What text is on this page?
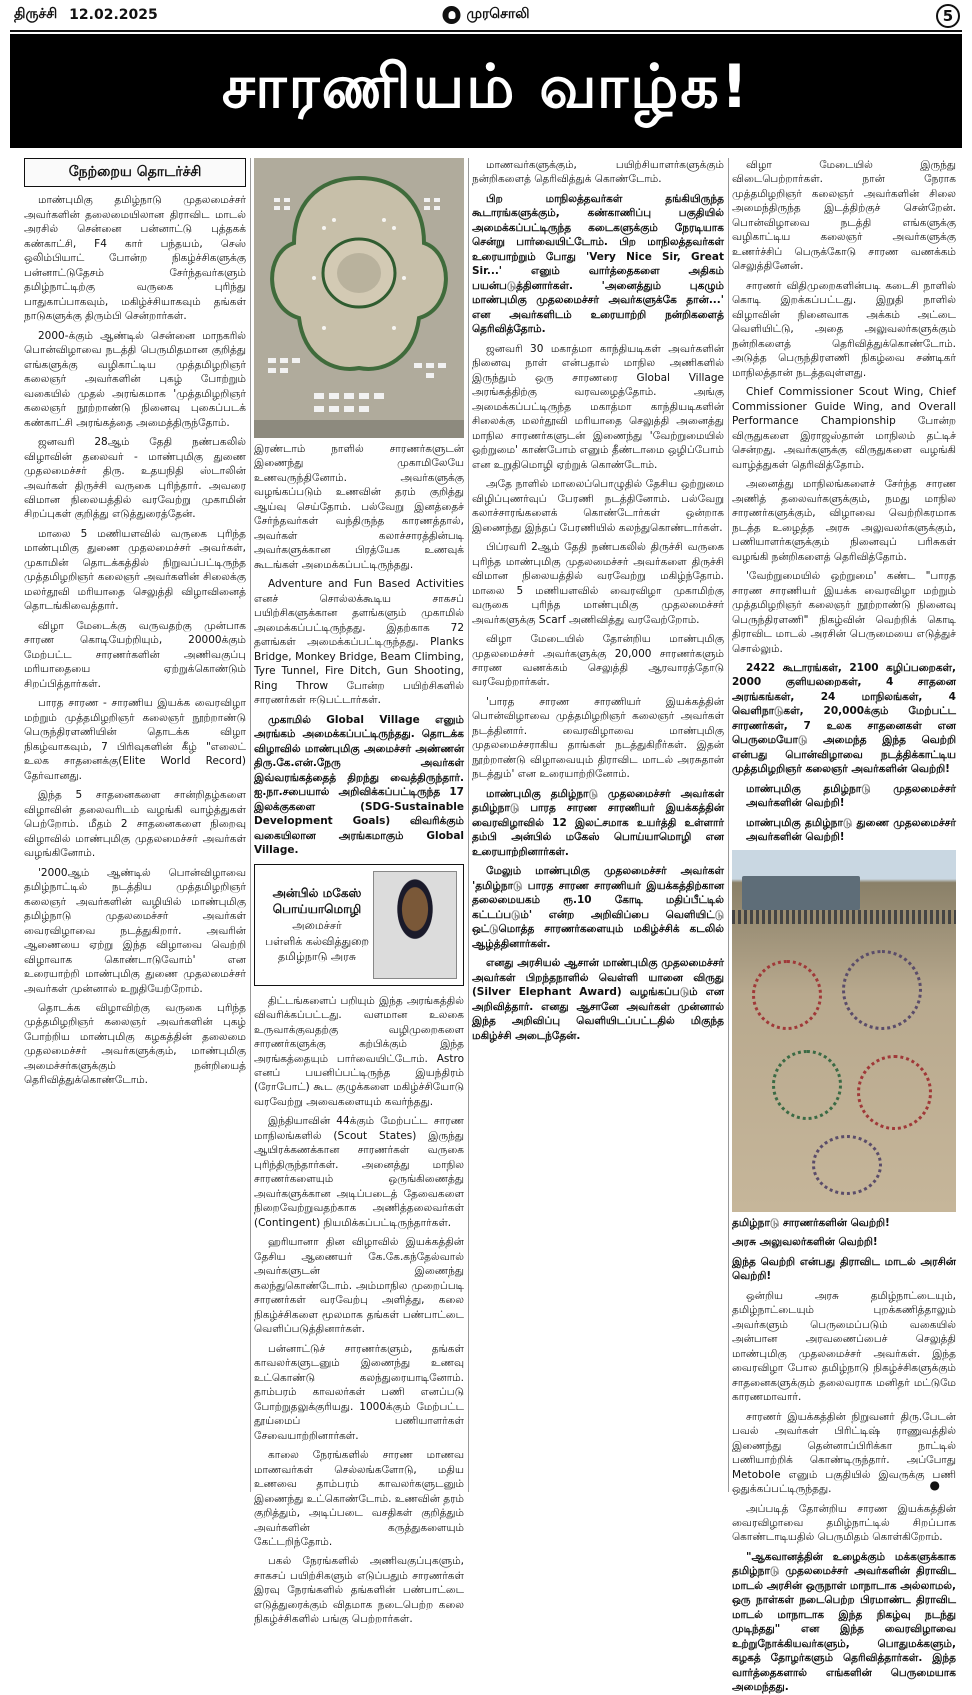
திருச்சி 12.02.2025	முரசொலி	5
சாரணியம் வாழ்க!
நேற்றைய தொடர்ச்சி

மாண்புமிகு தமிழ்நாடு முதலமைச்சர் அவர்களின் தலைமையிலான திராவிட மாடல் அரசில் சென்னை பன்னாட்டு புத்தகக் கண்காட்சி, F4 கார் பந்தயம், செஸ் ஒலிம்பியாட் போன்ற நிகழ்ச்சிகளுக்கு பன்னாட்டுதேசம் சேர்ந்தவர்களும் தமிழ்நாட்டிற்கு வருகை புரிந்து பாதுகாப்பாகவும், மகிழ்ச்சியாகவும் தங்கள் நாடுகளுக்கு திரும்பி சென்றார்கள்.

2000-க்கும் ஆண்டில் சென்னை மாநகரில் பொன்விழாவை நடத்தி பெருமிதமான குறித்து எங்களுக்கு வழிகாட்டிய முத்தமிழறிஞர் கலைஞர் அவர்களின் புகழ் போற்றும் வகையில் முதல் அரங்கமாக 'முத்தமிழறிஞர் கலைஞர் நூற்றாண்டு நினைவு புகைப்படக் கண்காட்சி அரங்கத்தை அமைத்திருந்தோம்.

ஜனவரி 28ஆம் தேதி நண்பகலில் விழாவின் தலைவர் - மாண்புமிகு துணை முதலமைச்சர் திரு. உதயநிதி ஸ்டாலின் அவர்கள் திருச்சி வருகை புரிந்தார். அவரை விமான நிலையத்தில் வரவேற்று முகாமின் சிறப்புகள் குறித்து எடுத்துரைத்தேன்.

மாலை 5 மணியளவில் வருகை புரிந்த மாண்புமிகு துணை முதலமைச்சர் அவர்கள், முகாமின் தொடக்கத்தில் நிறுவப்பட்டிருந்த முத்தமிழறிஞர் கலைஞர் அவர்களின் சிலைக்கு மலர்தூவி மரியாதை செலுத்தி விழாவினைத் தொடங்கிவைத்தார்.

விழா மேடைக்கு வருவதற்கு முன்பாக சாரண கொடியேற்றியும், 20000க்கும் மேற்பட்ட சாரணர்களின் அணிவகுப்பு மரியாதையை ஏற்றுக்கொண்டும் சிறப்பித்தார்கள்.

பாரத சாரண - சாரணிய இயக்க வைரவிழா மற்றும் முத்தமிழறிஞர் கலைஞர் நூற்றாண்டு பெருந்திரளணியின் தொடக்க விழா நிகழ்வாகவும், 7 பிரிவுகளின் கீழ் "எலைட் உலக சாதனைக்கு(Elite World Record) தேர்வானது.

இந்த 5 சாதனைகளை சான்றிதழ்களை விழாவின் தலைவரிடம் வழங்கி வாழ்த்துகள் பெற்றோம். மீதம் 2 சாதனைகளை நிறைவு விழாவில் மாண்புமிகு முதலமைச்சர் அவர்கள் வழங்கினோம்.

'2000ஆம் ஆண்டில் பொன்விழாவை தமிழ்நாட்டில் நடத்திய முத்தமிழறிஞர் கலைஞர் அவர்களின் வழியில் மாண்புமிகு தமிழ்நாடு முதலமைச்சர் அவர்கள் வைரவிழாவை நடத்துகிறார். அவரின் ஆணையை ஏற்று இந்த விழாவை வெற்றி விழாவாக கொண்டாடுவோம்' என உரையாற்றி மாண்புமிகு துணை முதலமைச்சர் அவர்கள் முன்னால் உறுதியேற்றோம்.

தொடக்க விழாவிற்கு வருகை புரிந்த முத்தமிழறிஞர் கலைஞர் அவர்களின் புகழ் போற்றிய மாண்புமிகு கழகத்தின் தலைமை முதலமைச்சர் அவர்களுக்கும், மாண்புமிகு அமைச்சர்களுக்கும் நன்றியைத் தெரிவித்துக்கொண்டோம்.

இரண்டாம் நாளில் சாரணர்களுடன் இணைந்து முகாமிலேயே உணவருந்தினோம். அவர்களுக்கு வழங்கப்படும் உணவின் தரம் குறித்து ஆய்வு செய்தோம். பல்வேறு இனத்தைச் சேர்ந்தவர்கள் வந்திருந்த காரணத்தால், அவர்கள் கலாச்சாரத்தின்படி அவர்களுக்கான பிரத்யேக உணவுக் கூடங்கள் அமைக்கப்பட்டிருந்தது.

Adventure and Fun Based Activities எனச் சொல்லக்கூடிய சாகசப் பயிற்சிகளுக்கான தளங்களும் முகாமில் அமைக்கப்பட்டிருந்தது. இதற்காக 72 தளங்கள் அமைக்கப்பட்டிருந்தது. Planks Bridge, Monkey Bridge, Beam Climbing, Tyre Tunnel, Fire Ditch, Gun Shooting, Ring Throw போன்ற பயிற்சிகளில் சாரணர்கள் ஈடுபட்டார்கள்.

முகாமில் Global Village எனும் அரங்கம் அமைக்கப்பட்டிருந்தது. தொடக்க விழாவில் மாண்புமிகு அமைச்சர் அண்ணன் திரு.கே.என்.நேரு அவர்கள் இவ்வரங்கத்தைத் திறந்து வைத்திருந்தார். ஐ.நா.சபையால் அறிவிக்கப்பட்டிருந்த 17 இலக்குகளை (SDG-Sustainable Development Goals) விவரிக்கும் வகையிலான அரங்கமாகும் Global Village.

அன்பில் மகேஸ் பொய்யாமொழி
அமைச்சர்
பள்ளிக் கல்வித்துறை
தமிழ்நாடு அரசு

திட்டங்களைப் பறியும் இந்த அரங்கத்தில் விவரிக்கப்பட்டது. வளமான உலகை உருவாக்குவதற்கு வழிமுறைகளை சாரணர்களுக்கு கற்பிக்கும் இந்த அரங்கத்தையும் பார்வையிட்டோம். Astro எனப் பயனிப்பட்டிருந்த இயந்திரம் (ரோபோட்) கூட குழுக்களை மகிழ்ச்சியோடு வரவேற்று அவைகளையும் கவர்ந்தது.

இந்தியாவின் 44க்கும் மேற்பட்ட சாரண மாநிலங்களில் (Scout States) இருந்து ஆயிரக்கணக்கான சாரணர்கள் வருகை புரிந்திருந்தார்கள். அனைத்து மாநில சாரணர்களையும் ஒருங்கிணைத்து அவர்களுக்கான அடிப்படைத் தேவைகளை நிறைவேற்றுவதற்காக அணித்தலைவர்கள் (Contingent) நியமிக்கப்பட்டிருந்தார்கள்.

ஹரியானா தின விழாவில் இயக்கத்தின் தேசிய ஆணையர் கே.கே.கந்தேல்வால் அவர்களுடன் இணைந்து கலந்துகொண்டோம். அம்மாநில முறைப்படி சாரணர்கள் வரவேற்பு அளித்து, கலை நிகழ்ச்சிகளை மூலமாக தங்கள் பண்பாட்டை வெளிப்படுத்தினார்கள்.

பன்னாட்டுச் சாரணர்களும், தங்கள் காவலர்களுடனும் இணைந்து உணவு உட்கொண்டு கலந்துரையாடினோம். தாம்பரம் காவலர்கள் பணி எனப்படு போற்றுதலுக்குரியது. 1000க்கும் மேற்பட்ட தூய்மைப் பணியாளர்கள் சேவையாற்றினார்கள்.

காலை நேரங்களில் சாரண மாணவ மாணவர்கள் செல்லங்களோடு, மதிய உணவை தாம்பரம் காவலர்களுடனும் இணைந்து உட்கொண்டோம். உணவின் தரம் குறித்தும், அடிப்படை வசதிகள் குறித்தும் அவர்களின் கருத்துகளையும் கேட்டறிந்தோம்.

பகல் நேரங்களில் அணிவகுப்புகளும், சாகசப் பயிற்சிகளும் எடுப்பதும் சாரணர்கள் இரவு நேரங்களில் தங்களின் பண்பாட்டை எடுத்துரைக்கும் விதமாக நடைபெற்ற கலை நிகழ்ச்சிகளில் பங்கு பெற்றார்கள்.

மாணவர்களுக்கும், பயிற்சியாளர்களுக்கும் நன்றிகளைத் தெரிவித்துக் கொண்டோம்.

பிற மாநிலத்தவர்கள் தங்கியிருந்த கூடாரங்களுக்கும், கண்காணிப்பு பகுதியில் அமைக்கப்பட்டிருந்த கடைகளுக்கும் நேரடியாக சென்று பார்வையிட்டோம். பிற மாநிலத்தவர்கள் உரையாற்றும் போது 'Very Nice Sir, Great Sir...' எனும் வார்த்தைகளை அதிகம் பயன்படுத்தினார்கள். 'அனைத்தும் புகழும் மாண்புமிகு முதலமைச்சர் அவர்களுக்கே தான்...' என அவர்களிடம் உரையாற்றி நன்றிகளைத் தெரிவித்தோம்.

ஜனவரி 30 மகாத்மா காந்தியடிகள் அவர்களின் நினைவு நாள் என்பதால் மாநில அணிகளில் இருந்தும் ஒரு சாரணரை Global Village அரங்கத்திற்கு வரவழைத்தோம். அங்கு அமைக்கப்பட்டிருந்த மகாத்மா காந்தியடிகளின் சிலைக்கு மலர்தூவி மரியாதை செலுத்தி அனைத்து மாநில சாரணர்களுடன் இணைந்து 'வேற்றுமையில் ஒற்றுமை' காண்போம் எனும் தீண்டாமை ஒழிப்போம் என உறுதிமொழி ஏற்றுக் கொண்டோம்.

அதே நாளில் மாலைப்பொழுதில் தேசிய ஒற்றுமை விழிப்புணர்வுப் பேரணி நடத்தினோம். பல்வேறு கலாச்சாரங்களைக் கொண்டோர்கள் ஒன்றாக இணைந்து இந்தப் பேரணியில் கலந்துகொண்டார்கள்.

பிப்ரவரி 2ஆம் தேதி நண்பகலில் திருச்சி வருகை புரிந்த மாண்புமிகு முதலமைச்சர் அவர்களை திருச்சி விமான நிலையத்தில் வரவேற்று மகிழ்ந்தோம். மாலை 5 மணியளவில் வைரவிழா முகாமிற்கு வருகை புரிந்த மாண்புமிகு முதலமைச்சர் அவர்களுக்கு Scarf அணிவித்து வரவேற்றோம்.

விழா மேடையில் தோன்றிய மாண்புமிகு முதலமைச்சர் அவர்களுக்கு 20,000 சாரணர்களும் சாரண வணக்கம் செலுத்தி ஆரவாரத்தோடு வரவேற்றார்கள்.

'பாரத சாரண சாரணியர் இயக்கத்தின் பொன்விழாவை முத்தமிழறிஞர் கலைஞர் அவர்கள் நடத்தினார். வைரவிழாவை மாண்புமிகு முதலமைச்சராகிய தாங்கள் நடத்துகிறீர்கள். இதன் நூற்றாண்டு விழாவையும் திராவிட மாடல் அரசுதான் நடத்தும்' என உரையாற்றினோம்.

மாண்புமிகு தமிழ்நாடு முதலமைச்சர் அவர்கள் தமிழ்நாடு பாரத சாரண சாரணியர் இயக்கத்தின் வைரவிழாவில் 12 இலட்சமாக உயர்த்தி உள்ளார் தம்பி அன்பில் மகேஸ் பொய்யாமொழி என உரையாற்றினார்கள்.

மேலும் மாண்புமிகு முதலமைச்சர் அவர்கள் 'தமிழ்நாடு பாரத சாரண சாரணியர் இயக்கத்திற்கான தலைமையகம் ரூ.10 கோடி மதிப்பீட்டில் கட்டப்படும்' என்ற அறிவிப்பை வெளியிட்டு ஒட்டுமொத்த சாரணர்களையும் மகிழ்ச்சிக் கடலில் ஆழ்த்தினார்கள்.

எனது அரசியல் ஆசான் மாண்புமிகு முதலமைச்சர் அவர்கள் பிறந்தநாளில் வெள்ளி யானை விருது (Silver Elephant Award) வழங்கப்படும் என அறிவித்தார். எனது ஆசானே அவர்கள் முன்னால் இந்த அறிவிப்பு வெளியிடப்பட்டதில் மிகுந்த மகிழ்ச்சி அடைந்தேன்.

விழா மேடையில் இருந்து விடைபெற்றார்கள். நான் நேராக முத்தமிழறிஞர் கலைஞர் அவர்களின் சிலை அமைந்திருந்த இடத்திற்குச் சென்றேன். பொன்விழாவை நடத்தி எங்களுக்கு வழிகாட்டிய கலைஞர் அவர்களுக்கு உணர்ச்சிப் பெருக்கோடு சாரண வணக்கம் செலுத்தினேன்.

சாரணர் விதிமுறைகளின்படி கடைசி நாளில் கொடி இறக்கப்பட்டது. இறுதி நாளில் விழாவின் நினைவாக அக்கம் அட்டை வெளியிட்டு, அதை அலுவலர்களுக்கும் நன்றிகளைத் தெரிவித்துக்கொண்டோம். அடுத்த பெருந்திரளணி நிகழ்வை சண்டிகர் மாநிலத்தான் நடத்தவுள்ளது.

Chief Commissioner Scout Wing, Chief Commissioner Guide Wing, and Overall Performance Championship போன்ற விருதுகளை இராஜஸ்தான் மாநிலம் தட்டிச் சென்றது. அவர்களுக்கு விருதுகளை வழங்கி வாழ்த்துகள் தெரிவித்தோம்.

அனைத்து மாநிலங்களைச் சேர்ந்த சாரண அணித் தலைவர்களுக்கும், நமது மாநில சாரணர்களுக்கும், விழாவை வெற்றிகரமாக நடத்த உழைத்த அரசு அலுவலர்களுக்கும், பணியாளர்களுக்கும் நினைவுப் பரிசுகள் வழங்கி நன்றிகளைத் தெரிவித்தோம்.

'வேற்றுமையில் ஒற்றுமை' கண்ட "பாரத சாரண சாரணியர் இயக்க வைரவிழா மற்றும் முத்தமிழறிஞர் கலைஞர் நூற்றாண்டு நினைவு பெருந்திரளணி" நிகழ்வின் வெற்றிக் கொடி திராவிட மாடல் அரசின் பெருமையை எடுத்துச் சொல்லும்.

2422 கூடாரங்கள், 2100 கழிப்பறைகள், 2000 குளியலறைகள், 4 சாதனை அரங்கங்கள், 24 மாநிலங்கள், 4 வெளிநாடுகள், 20,000க்கும் மேற்பட்ட சாரணர்கள், 7 உலக சாதனைகள் என பெருமையோடு அமைந்த இந்த வெற்றி என்பது பொன்விழாவை நடத்திக்காட்டிய முத்தமிழறிஞர் கலைஞர் அவர்களின் வெற்றி!

மாண்புமிகு தமிழ்நாடு முதலமைச்சர் அவர்களின் வெற்றி!

மாண்புமிகு தமிழ்நாடு துணை முதலமைச்சர் அவர்களின் வெற்றி!

தமிழ்நாடு சாரணர்களின் வெற்றி!

அரசு அலுவலர்களின் வெற்றி!

இந்த வெற்றி என்பது திராவிட மாடல் அரசின் வெற்றி!

ஒன்றிய அரசு தமிழ்நாட்டையும், தமிழ்நாட்டையும் புறக்கணித்தாலும் அவர்களும் பெருமைப்படும் வகையில் அன்பான அரவணைப்பைச் செலுத்தி மாண்புமிகு முதலமைச்சர் அவர்கள். இந்த வைரவிழா போல தமிழ்நாடு நிகழ்ச்சிகளுக்கும் சாதனைகளுக்கும் தலைவராக மனிதர் மட்டுமே காரணமாவார்.

சாரணர் இயக்கத்தின் நிறுவனர் திரு.பேடன் பவல் அவர்கள் பிரிட்டிஷ் ராணுவத்தில் இணைந்து தென்னாப்பிரிக்கா நாட்டில் பணியாற்றிக் கொண்டிருந்தார். அப்போது Metobole எனும் பகுதியில் இவருக்கு பணி ஒதுக்கப்பட்டிருந்தது.

அப்படித் தோன்றிய சாரண இயக்கத்தின் வைரவிழாவை தமிழ்நாட்டில் சிறப்பாக கொண்டாடியதில் பெருமிதம் கொள்கிறோம்.

"ஆகவானத்தின் உழைக்கும் மக்களுக்காக தமிழ்நாடு முதலமைச்சர் அவர்களின் திராவிட மாடல் அரசின் ஒருநாள் மாநாடாக அல்லாமல், ஒரு நாள்கள் நடைபெற்ற பிரமாண்ட திராவிட மாடல் மாநாடாக இந்த நிகழ்வு நடந்து முடிந்தது" என இந்த வைரவிழாவை உற்றுநோக்கியவர்களும், பொதுமக்களும், கழகத் தோழர்களும் தெரிவித்தார்கள். இந்த வார்த்தைகளால் எங்களின் பெருமையாக அமைந்தது.

●
